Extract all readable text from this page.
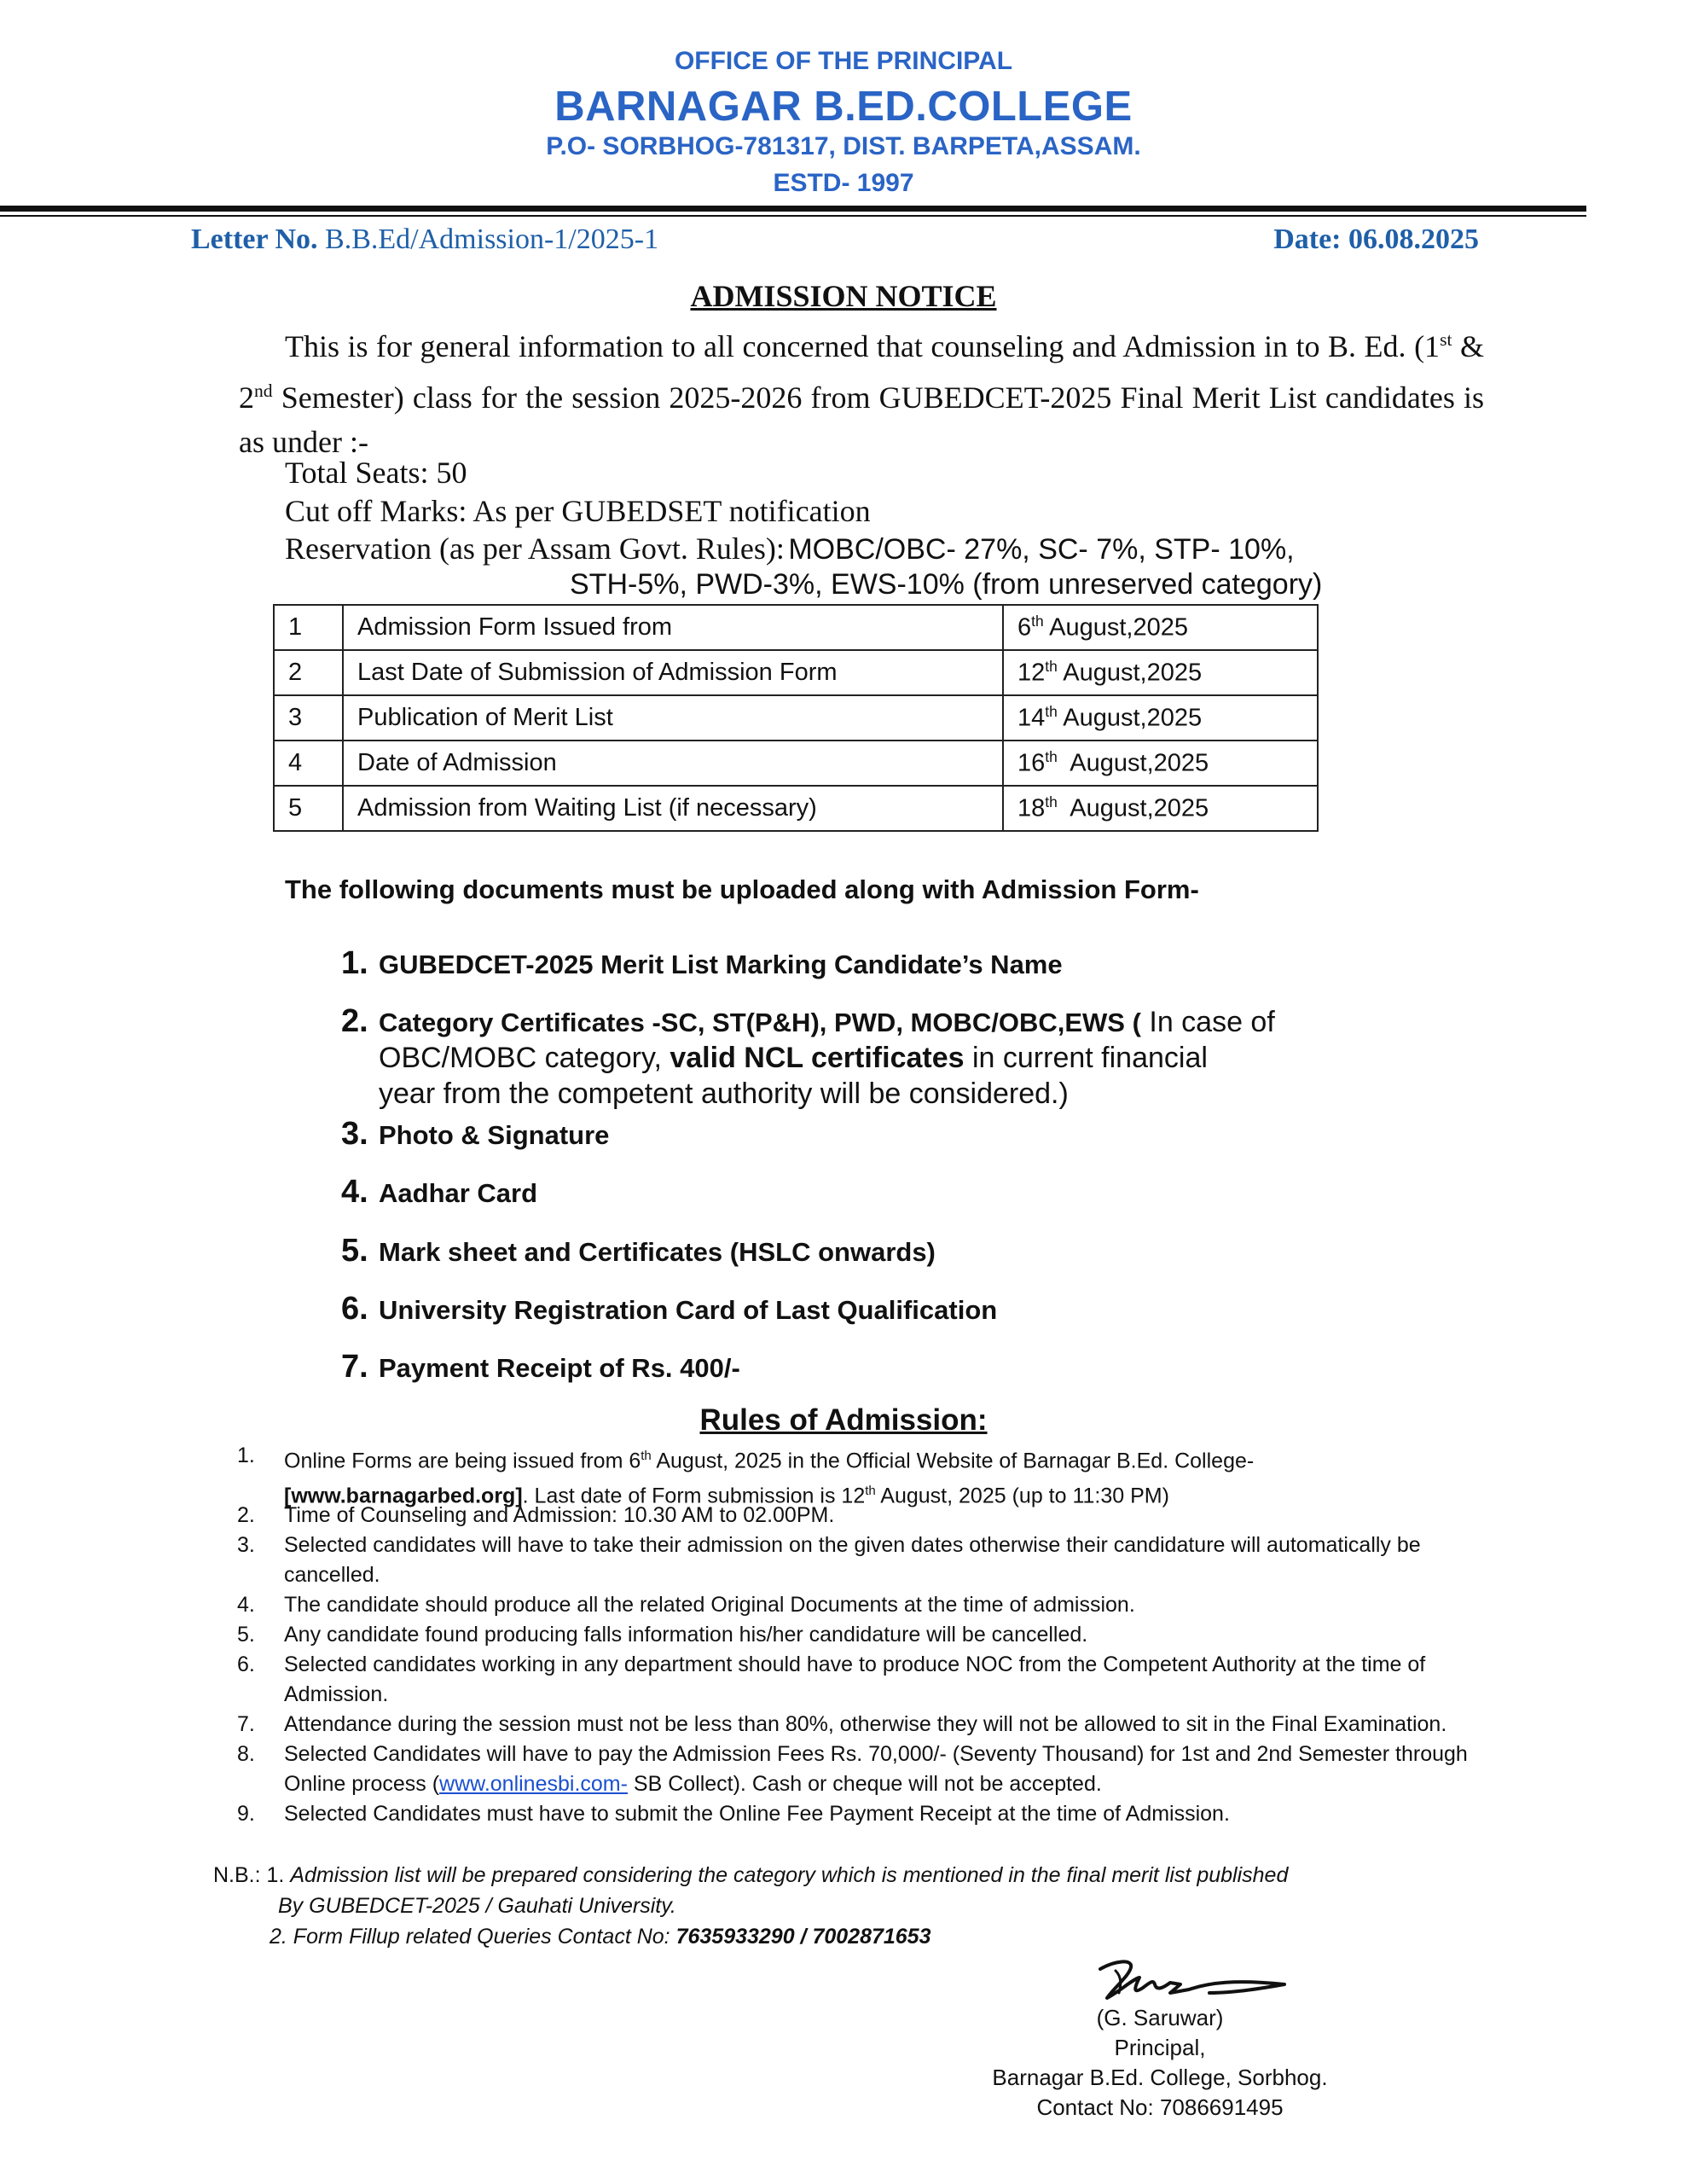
OFFICE OF THE PRINCIPAL
BARNAGAR B.ED.COLLEGE
P.O- SORBHOG-781317, DIST. BARPETA,ASSAM.
ESTD- 1997
Letter No. B.B.Ed/Admission-1/2025-1	Date: 06.08.2025
ADMISSION NOTICE
This is for general information to all concerned that counseling and Admission in to B. Ed. (1st & 2nd Semester) class for the session 2025-2026 from GUBEDCET-2025 Final Merit List candidates is as under :-
Total Seats: 50
Cut off Marks: As per GUBEDSET notification
Reservation (as per Assam Govt. Rules): MOBC/OBC- 27%, SC- 7%, STP- 10%,
STH-5%, PWD-3%, EWS-10% (from unreserved category)
1	Admission Form Issued from	6th August,2025
2	Last Date of Submission of Admission Form	12th August,2025
3	Publication of Merit List	14th August,2025
4	Date of Admission	16th  August,2025
5	Admission from Waiting List (if necessary)	18th  August,2025
The following documents must be uploaded along with Admission Form-
1. GUBEDCET-2025 Merit List Marking Candidate’s Name
2. Category Certificates -SC, ST(P&H), PWD, MOBC/OBC,EWS ( In case of
OBC/MOBC category, valid NCL certificates in current financial
year from the competent authority will be considered.)
3. Photo & Signature
4. Aadhar Card
5. Mark sheet and Certificates (HSLC onwards)
6. University Registration Card of Last Qualification
7. Payment Receipt of Rs. 400/-
Rules of Admission:
1. Online Forms are being issued from 6th August, 2025 in the Official Website of Barnagar B.Ed. College-
[www.barnagarbed.org]. Last date of Form submission is 12th August, 2025 (up to 11:30 PM)
2. Time of Counseling and Admission: 10.30 AM to 02.00PM.
3. Selected candidates will have to take their admission on the given dates otherwise their candidature will automatically be cancelled.
4. The candidate should produce all the related Original Documents at the time of admission.
5. Any candidate found producing falls information his/her candidature will be cancelled.
6. Selected candidates working in any department should have to produce NOC from the Competent Authority at the time of Admission.
7. Attendance during the session must not be less than 80%, otherwise they will not be allowed to sit in the Final Examination.
8. Selected Candidates will have to pay the Admission Fees Rs. 70,000/- (Seventy Thousand) for 1st and 2nd Semester through Online process (www.onlinesbi.com- SB Collect). Cash or cheque will not be accepted.
9. Selected Candidates must have to submit the Online Fee Payment Receipt at the time of Admission.
N.B.: 1. Admission list will be prepared considering the category which is mentioned in the final merit list published
By GUBEDCET-2025 / Gauhati University.
2. Form Fillup related Queries Contact No: 7635933290 / 7002871653
(G. Saruwar)
Principal,
Barnagar B.Ed. College, Sorbhog.
Contact No: 7086691495
